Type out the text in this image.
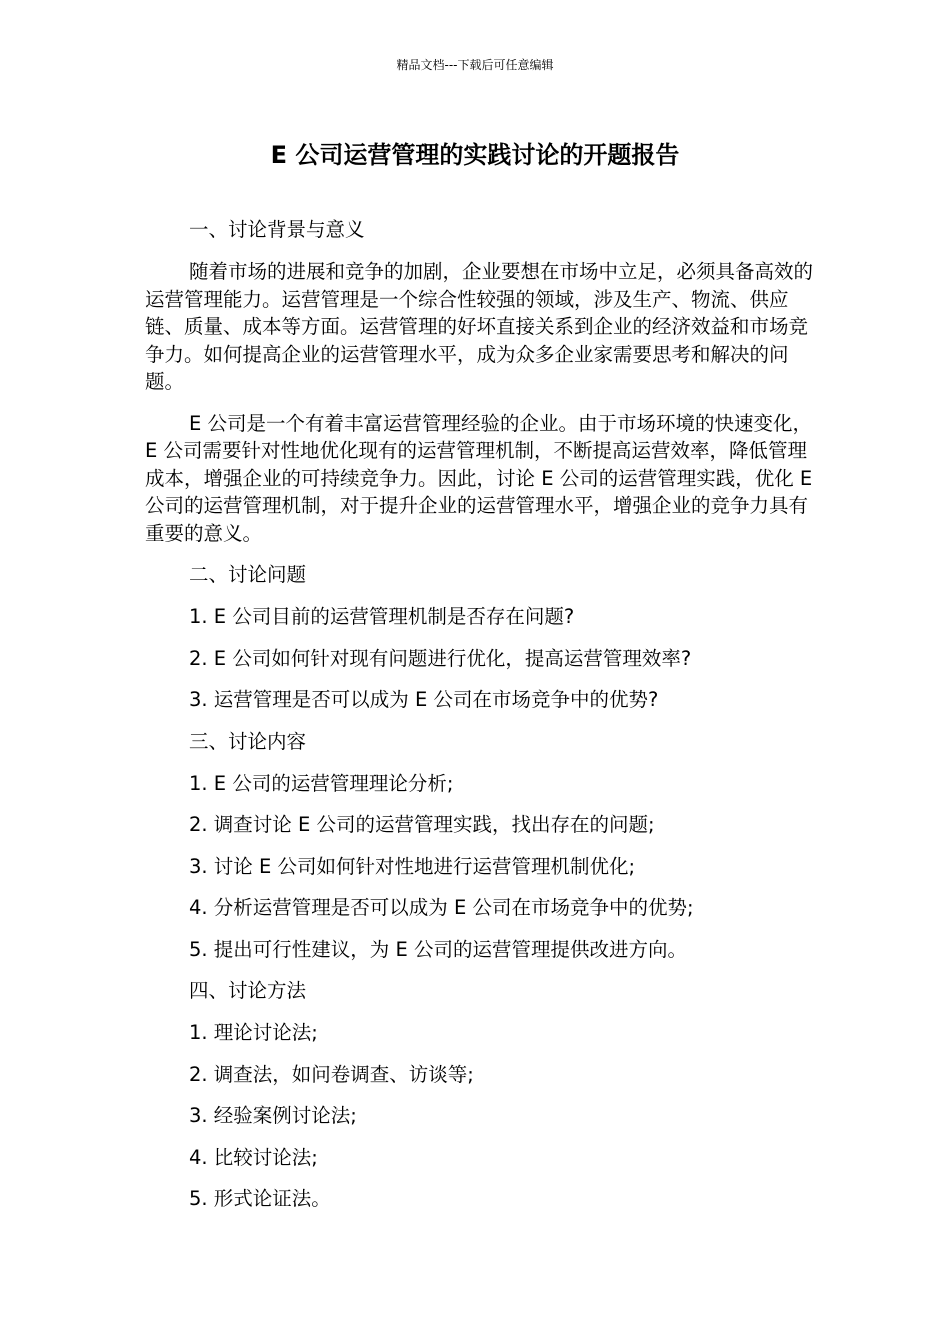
精品文档---下载后可任意编辑
E 公司运营管理的实践讨论的开题报告

一、讨论背景与意义

随着市场的进展和竞争的加剧，企业要想在市场中立足，必须具备高效的运营管理能力。运营管理是一个综合性较强的领域，涉及生产、物流、供应链、质量、成本等方面。运营管理的好坏直接关系到企业的经济效益和市场竞争力。如何提高企业的运营管理水平，成为众多企业家需要思考和解决的问题。

E 公司是一个有着丰富运营管理经验的企业。由于市场环境的快速变化，E 公司需要针对性地优化现有的运营管理机制，不断提高运营效率，降低管理成本，增强企业的可持续竞争力。因此，讨论 E 公司的运营管理实践，优化 E 公司的运营管理机制，对于提升企业的运营管理水平，增强企业的竞争力具有重要的意义。

二、讨论问题

1. E 公司目前的运营管理机制是否存在问题?

2. E 公司如何针对现有问题进行优化，提高运营管理效率?

3. 运营管理是否可以成为 E 公司在市场竞争中的优势?

三、讨论内容

1. E 公司的运营管理理论分析;

2. 调查讨论 E 公司的运营管理实践，找出存在的问题;

3. 讨论 E 公司如何针对性地进行运营管理机制优化;

4. 分析运营管理是否可以成为 E 公司在市场竞争中的优势;

5. 提出可行性建议，为 E 公司的运营管理提供改进方向。

四、讨论方法

1. 理论讨论法;

2. 调查法，如问卷调查、访谈等;

3. 经验案例讨论法;

4. 比较讨论法;

5. 形式论证法。
